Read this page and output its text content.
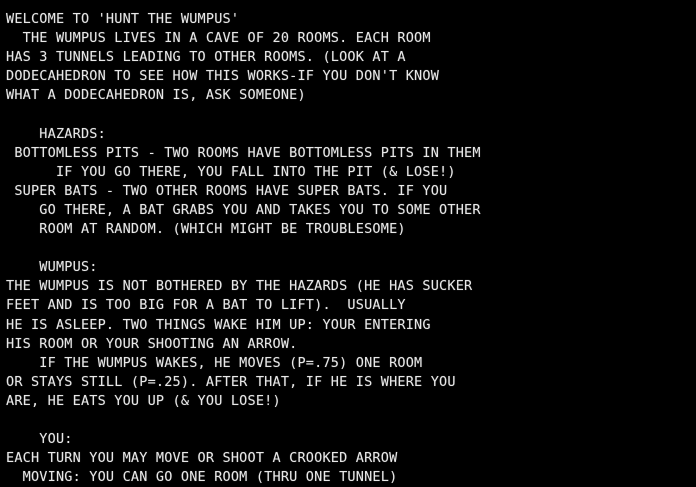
WELCOME TO 'HUNT THE WUMPUS'
THE WUMPUS LIVES IN A CAVE OF 20 ROOMS. EACH ROOM
HAS 3 TUNNELS LEADING TO OTHER ROOMS. (LOOK AT A
DODECAHEDRON TO SEE HOW THIS WORKS-IF YOU DON'T KNOW
WHAT A DODECAHEDRON IS, ASK SOMEONE)

HAZARDS:
BOTTOMLESS PITS - TWO ROOMS HAVE BOTTOMLESS PITS IN THEM
IF YOU GO THERE, YOU FALL INTO THE PIT (& LOSE!)
SUPER BATS - TWO OTHER ROOMS HAVE SUPER BATS. IF YOU
GO THERE, A BAT GRABS YOU AND TAKES YOU TO SOME OTHER
ROOM AT RANDOM. (WHICH MIGHT BE TROUBLESOME)

WUMPUS:
THE WUMPUS IS NOT BOTHERED BY THE HAZARDS (HE HAS SUCKER
FEET AND IS TOO BIG FOR A BAT TO LIFT).  USUALLY
HE IS ASLEEP. TWO THINGS WAKE HIM UP: YOUR ENTERING
HIS ROOM OR YOUR SHOOTING AN ARROW.
IF THE WUMPUS WAKES, HE MOVES (P=.75) ONE ROOM
OR STAYS STILL (P=.25). AFTER THAT, IF HE IS WHERE YOU
ARE, HE EATS YOU UP (& YOU LOSE!)

YOU:
EACH TURN YOU MAY MOVE OR SHOOT A CROOKED ARROW
MOVING: YOU CAN GO ONE ROOM (THRU ONE TUNNEL)
